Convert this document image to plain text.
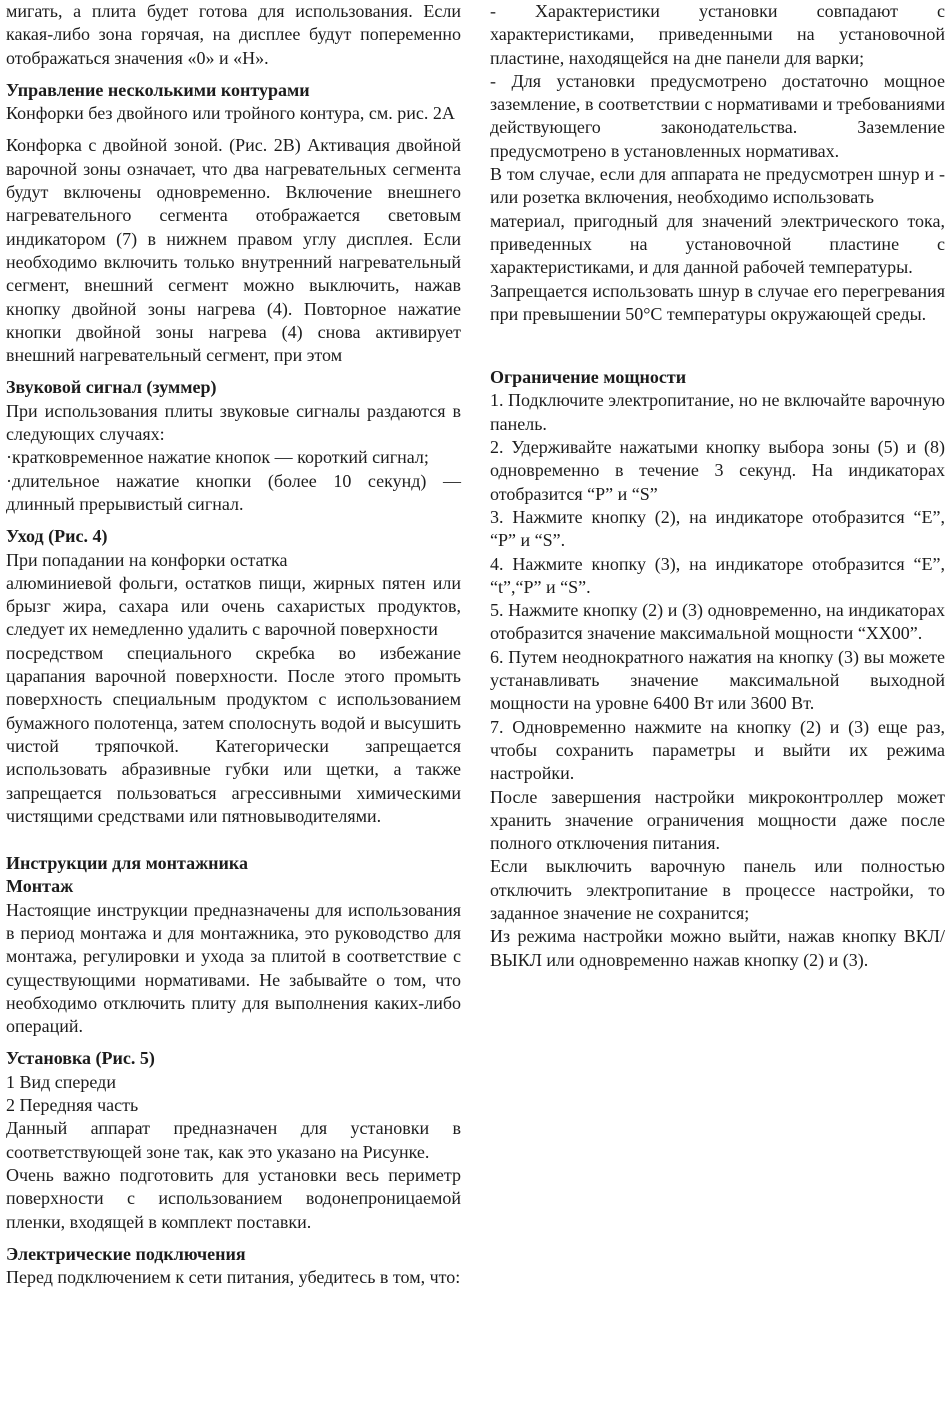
мигать, а плита будет готова для использования. Если какая-либо зона горячая, на дисплее будут попеременно отображаться значения «0» и «H».

Управление несколькими контурами

Конфорки без двойного или тройного контура, см. рис. 2A

Конфорка с двойной зоной. (Рис. 2B) Активация двойной варочной зоны означает, что два нагревательных сегмента будут включены одновременно. Включение внешнего нагревательного сегмента отображается световым индикатором (7) в нижнем правом углу дисплея. Если необходимо включить только внутренний нагревательный сегмент, внешний сегмент можно выключить, нажав кнопку двойной зоны нагрева (4). Повторное нажатие кнопки двойной зоны нагрева (4) снова активирует внешний нагревательный сегмент, при этом

Звуковой сигнал (зуммер)

При использования плиты звуковые сигналы раздаются в следующих случаях:

·кратковременное нажатие кнопок — короткий сигнал;

·длительное нажатие кнопки (более 10 секунд) — длинный прерывистый сигнал.

Уход (Рис. 4)

При попадании на конфорки остатка

алюминиевой фольги, остатков пищи, жирных пятен или брызг жира, сахара или очень сахаристых продуктов, следует их немедленно удалить с варочной поверхности

посредством специального скребка во избежание царапания варочной поверхности. После этого промыть поверхность специальным продуктом с использованием бумажного полотенца, затем сполоснуть водой и высушить чистой тряпочкой. Категорически запрещается использовать абразивные губки или щетки, а также запрещается пользоваться агрессивными химическими чистящими средствами или пятновыводителями.

Инструкции для монтажника

Монтаж

Настоящие инструкции предназначены для использования в период монтажа и для монтажника, это руководство для монтажа, регулировки и ухода за плитой в соответствие с существующими нормативами. Не забывайте о том, что необходимо отключить плиту для выполнения каких-либо операций.

Установка (Рис. 5)

1 Вид спереди

2 Передняя часть

Данный аппарат предназначен для установки в соответствующей зоне так, как это указано на Рисунке.

Очень важно подготовить для установки весь периметр поверхности с использованием водонепроницаемой пленки, входящей в комплект поставки.

Электрические подключения

Перед подключением к сети питания, убедитесь в том, что:

- Характеристики установки совпадают с характеристиками, приведенными на установочной пластине, находящейся на дне панели для варки;

- Для установки предусмотрено достаточно мощное заземление, в соответствии с нормативами и требованиями действующего законодательства. Заземление предусмотрено в установленных нормативах.

В том случае, если для аппарата не предусмотрен шнур и - или розетка включения, необходимо использовать

материал, пригодный для значений электрического тока, приведенных на установочной пластине с характеристиками, и для данной рабочей температуры.

Запрещается использовать шнур в случае его перегревания при превышении 50°С температуры окружающей среды.

Ограничение мощности

1. Подключите электропитание, но не включайте варочную панель.

2. Удерживайте нажатыми кнопку выбора зоны (5) и (8) одновременно в течение 3 секунд. На индикаторах отобразится “P” и “S”

3. Нажмите кнопку (2), на индикаторе отобразится “E”, “P” и “S”.

4. Нажмите кнопку (3), на индикаторе отобразится “E”, “t”,“P” и “S”.

5. Нажмите кнопку (2) и (3) одновременно, на индикаторах отобразится значение максимальной мощности “XX00”.

6. Путем неоднократного нажатия на кнопку (3) вы можете устанавливать значение максимальной выходной мощности на уровне 6400 Вт или 3600 Вт.

7. Одновременно нажмите на кнопку (2) и (3) еще раз, чтобы сохранить параметры и выйти их режима настройки.

После завершения настройки микроконтроллер может хранить значение ограничения мощности даже после полного отключения питания.

Если выключить варочную панель или полностью отключить электропитание в процессе настройки, то заданное значение не сохранится;

Из режима настройки можно выйти, нажав кнопку ВКЛ/ВЫКЛ или одновременно нажав кнопку (2) и (3).
